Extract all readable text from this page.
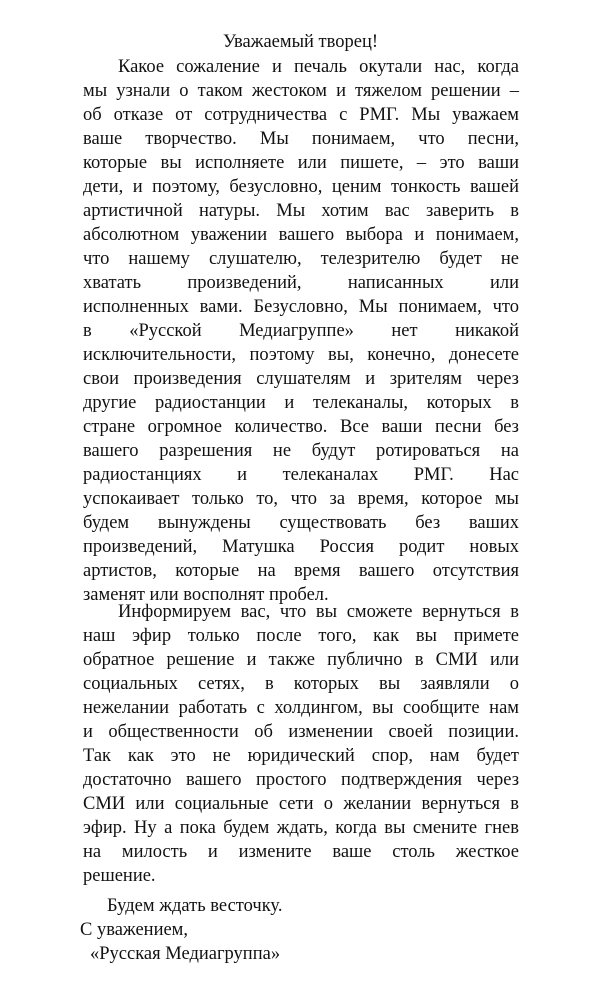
Уважаемый творец!
Какое сожаление и печаль окутали нас, когда
мы узнали о таком жестоком и тяжелом решении –
об отказе от сотрудничества с РМГ. Мы уважаем
ваше творчество. Мы понимаем, что песни,
которые вы исполняете или пишете, – это ваши
дети, и поэтому, безусловно, ценим тонкость вашей
артистичной натуры. Мы хотим вас заверить в
абсолютном уважении вашего выбора и понимаем,
что нашему слушателю, телезрителю будет не
хватать произведений, написанных или
исполненных вами. Безусловно, Мы понимаем, что
в «Русской Медиагруппе» нет никакой
исключительности, поэтому вы, конечно, донесете
свои произведения слушателям и зрителям через
другие радиостанции и телеканалы, которых в
стране огромное количество. Все ваши песни без
вашего разрешения не будут ротироваться на
радиостанциях и телеканалах РМГ. Нас
успокаивает только то, что за время, которое мы
будем вынуждены существовать без ваших
произведений, Матушка Россия родит новых
артистов, которые на время вашего отсутствия
заменят или восполнят пробел.
Информируем вас, что вы сможете вернуться в
наш эфир только после того, как вы примете
обратное решение и также публично в СМИ или
социальных сетях, в которых вы заявляли о
нежелании работать с холдингом, вы сообщите нам
и общественности об изменении своей позиции.
Так как это не юридический спор, нам будет
достаточно вашего простого подтверждения через
СМИ или социальные сети о желании вернуться в
эфир. Ну а пока будем ждать, когда вы смените гнев
на милость и измените ваше столь жесткое
решение.
Будем ждать весточку.
С уважением,
«Русская Медиагруппа»
